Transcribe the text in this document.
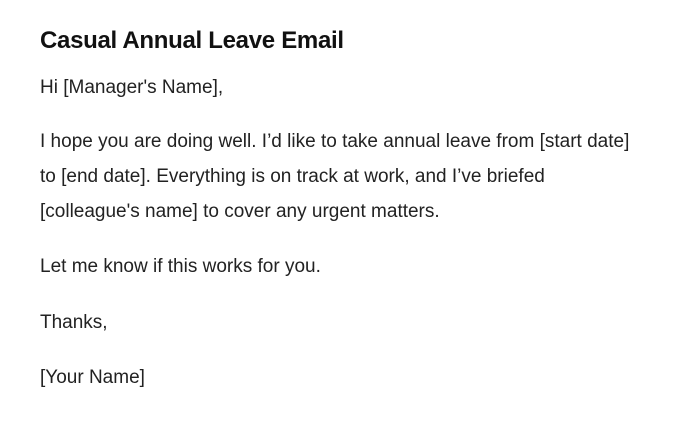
Casual Annual Leave Email

Hi [Manager's Name],

I hope you are doing well. I’d like to take annual leave from [start date] to [end date]. Everything is on track at work, and I’ve briefed [colleague's name] to cover any urgent matters.

Let me know if this works for you.

Thanks,

[Your Name]
